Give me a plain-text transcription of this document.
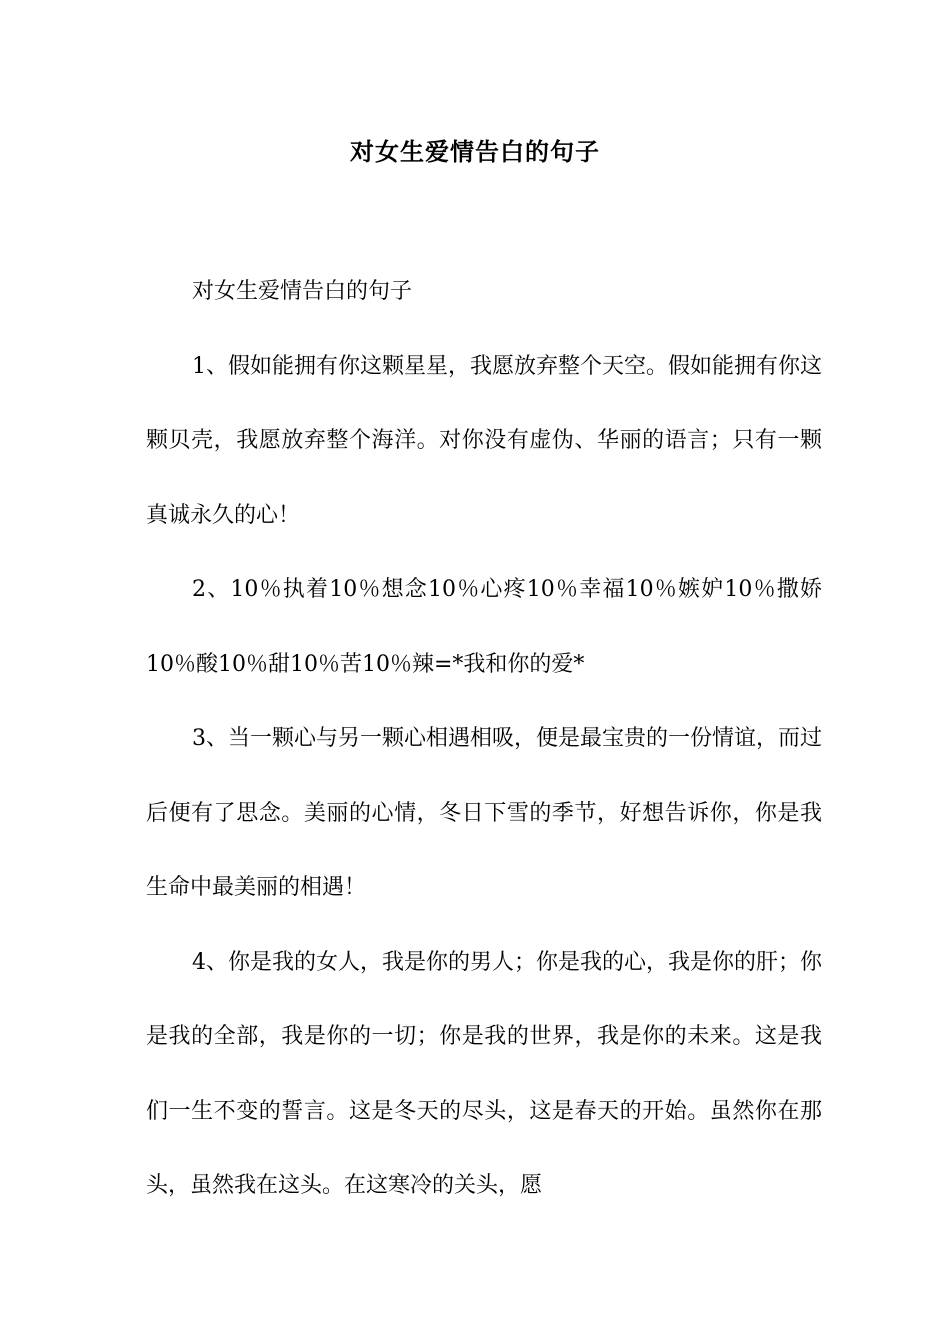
对女生爱情告白的句子

对女生爱情告白的句子

1、假如能拥有你这颗星星，我愿放弃整个天空。假如能拥有你这颗贝壳，我愿放弃整个海洋。对你没有虚伪、华丽的语言；只有一颗真诚永久的心！

2、10％执着10％想念10％心疼10％幸福10％嫉妒10％撒娇10％酸10％甜10％苦10％辣=*我和你的爱*

3、当一颗心与另一颗心相遇相吸，便是最宝贵的一份情谊，而过后便有了思念。美丽的心情，冬日下雪的季节，好想告诉你，你是我生命中最美丽的相遇！

4、你是我的女人，我是你的男人；你是我的心，我是你的肝；你是我的全部，我是你的一切；你是我的世界，我是你的未来。这是我们一生不变的誓言。这是冬天的尽头，这是春天的开始。虽然你在那头，虽然我在这头。在这寒冷的关头，愿
